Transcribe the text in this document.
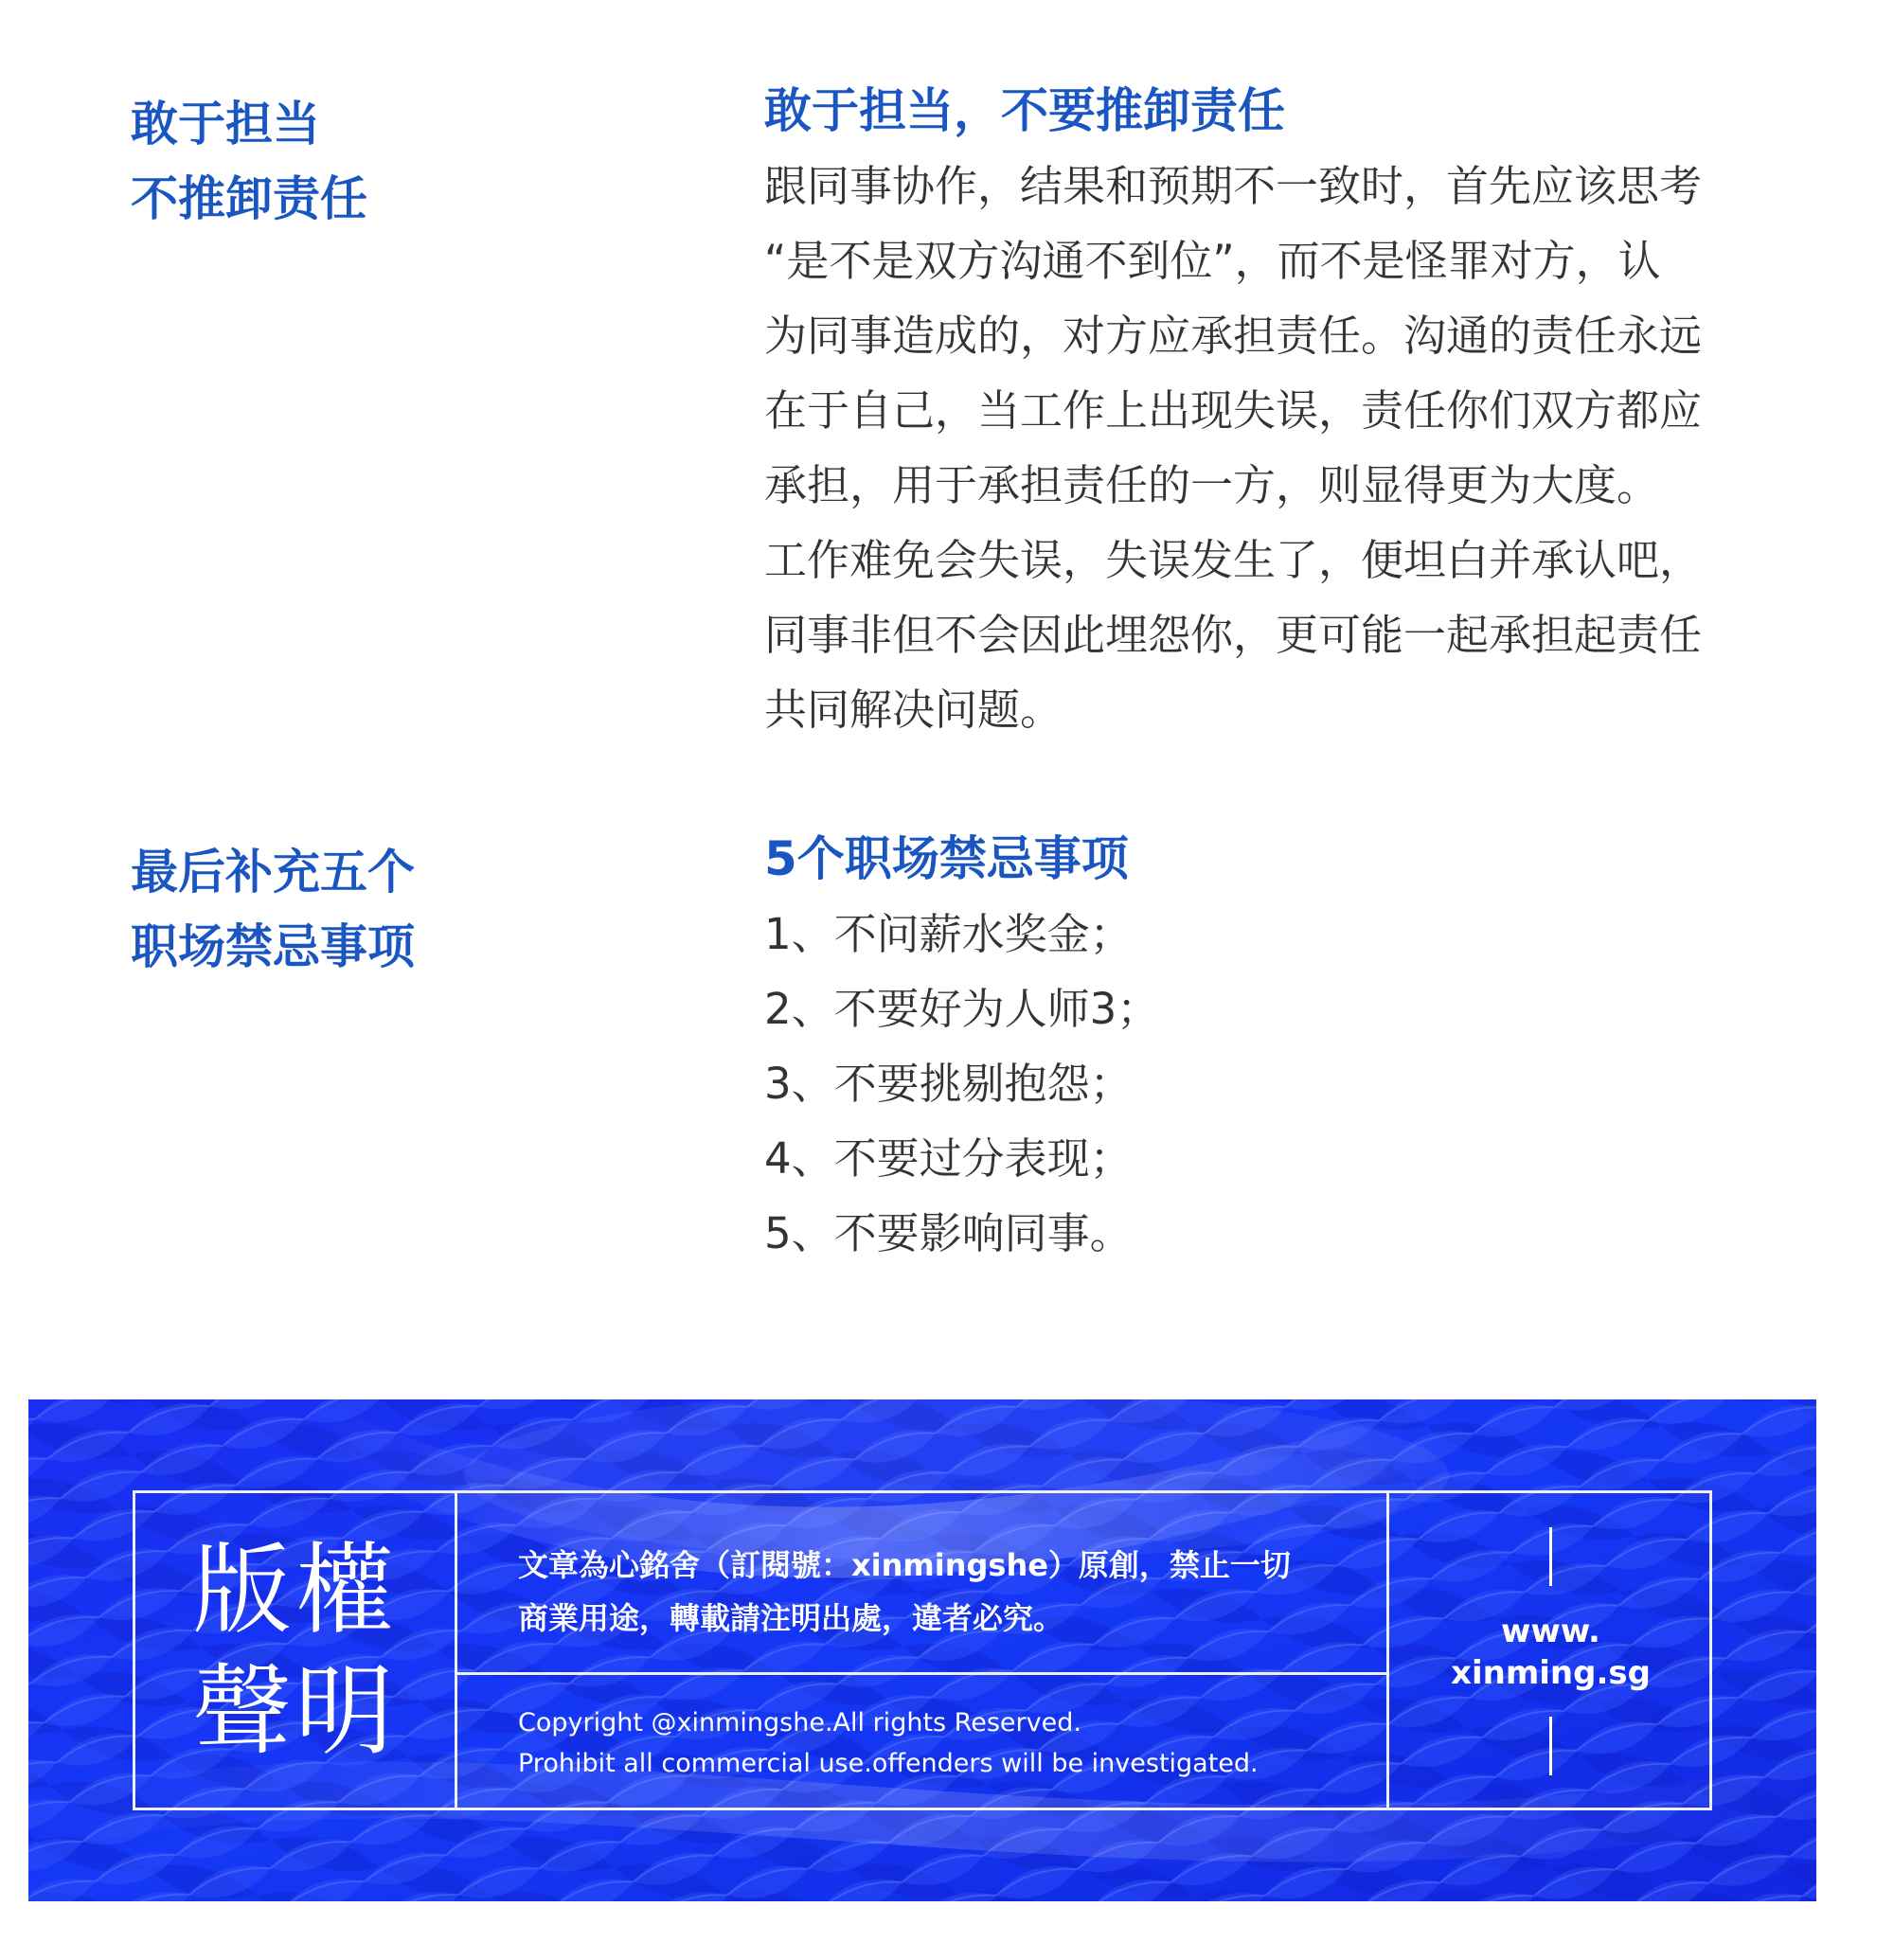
敢于担当
不推卸责任
敢于担当，不要推卸责任
跟同事协作，结果和预期不一致时，首先应该思考
“是不是双方沟通不到位”，而不是怪罪对方，认
为同事造成的，对方应承担责任。沟通的责任永远
在于自己，当工作上出现失误，责任你们双方都应
承担，用于承担责任的一方，则显得更为大度。
工作难免会失误，失误发生了，便坦白并承认吧，
同事非但不会因此埋怨你，更可能一起承担起责任
共同解决问题。
最后补充五个
职场禁忌事项
5个职场禁忌事项
1、不问薪水奖金；
2、不要好为人师3；
3、不要挑剔抱怨；
4、不要过分表现；
5、不要影响同事。
版權
聲明
文章為心銘舍（訂閱號：xinmingshe）原創，禁止一切
商業用途，轉載請注明出處，違者必究。
Copyright @xinmingshe.All rights Reserved.
Prohibit all commercial use.offenders will be investigated.
www.
xinming.sg
